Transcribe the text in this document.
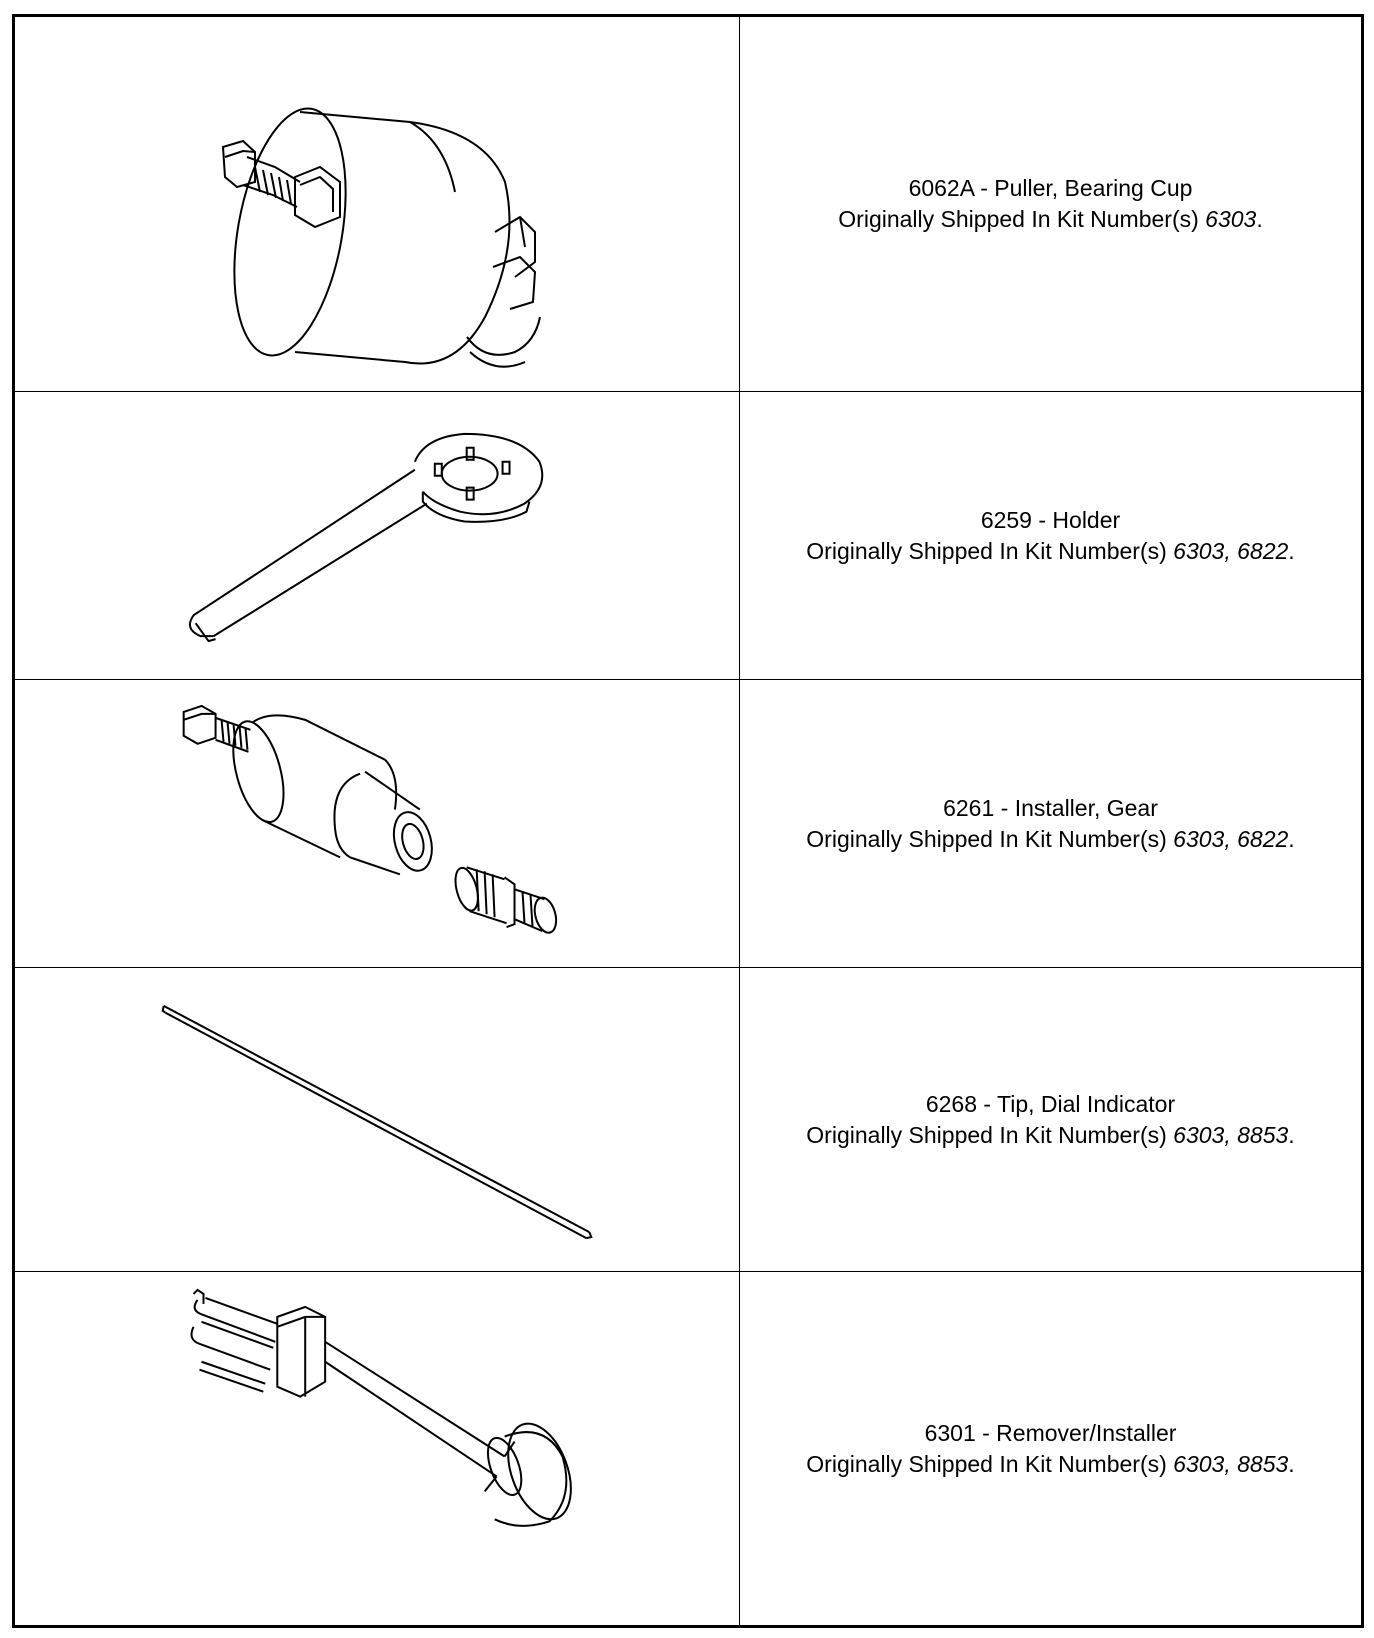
6062A - Puller, Bearing Cup
Originally Shipped In Kit Number(s) 6303.
6259 - Holder
Originally Shipped In Kit Number(s) 6303, 6822.
6261 - Installer, Gear
Originally Shipped In Kit Number(s) 6303, 6822.
6268 - Tip, Dial Indicator
Originally Shipped In Kit Number(s) 6303, 8853.
6301 - Remover/Installer
Originally Shipped In Kit Number(s) 6303, 8853.
